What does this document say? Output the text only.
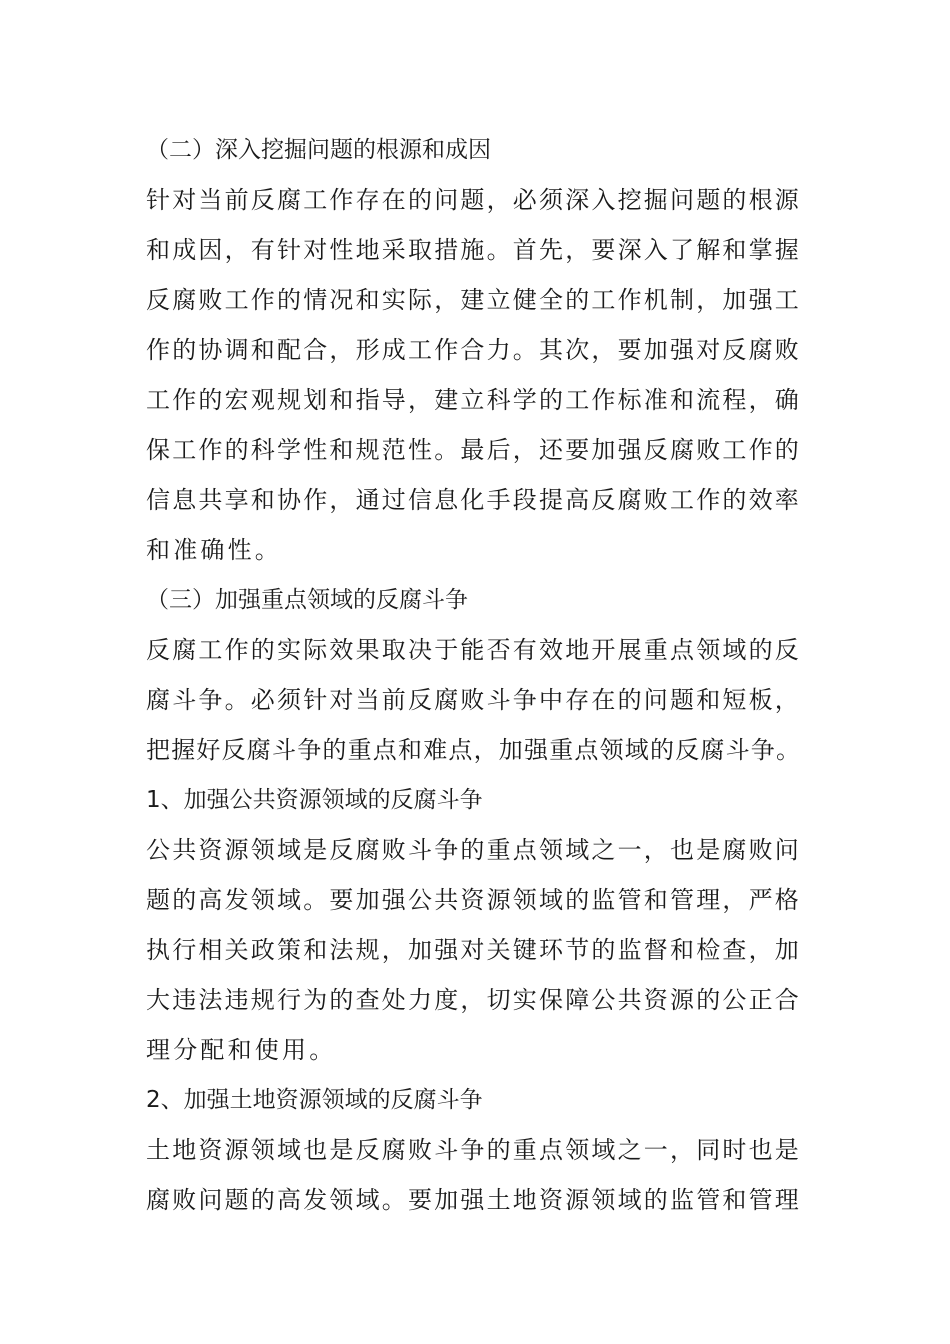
（二）深入挖掘问题的根源和成因
针对当前反腐工作存在的问题，必须深入挖掘问题的根源
和成因，有针对性地采取措施。首先，要深入了解和掌握
反腐败工作的情况和实际，建立健全的工作机制，加强工
作的协调和配合，形成工作合力。其次，要加强对反腐败
工作的宏观规划和指导，建立科学的工作标准和流程，确
保工作的科学性和规范性。最后，还要加强反腐败工作的
信息共享和协作，通过信息化手段提高反腐败工作的效率
和准确性。
（三）加强重点领域的反腐斗争
反腐工作的实际效果取决于能否有效地开展重点领域的反
腐斗争。必须针对当前反腐败斗争中存在的问题和短板，
把握好反腐斗争的重点和难点，加强重点领域的反腐斗争。
1、加强公共资源领域的反腐斗争
公共资源领域是反腐败斗争的重点领域之一，也是腐败问
题的高发领域。要加强公共资源领域的监管和管理，严格
执行相关政策和法规，加强对关键环节的监督和检查，加
大违法违规行为的查处力度，切实保障公共资源的公正合
理分配和使用。
2、加强土地资源领域的反腐斗争
土地资源领域也是反腐败斗争的重点领域之一，同时也是
腐败问题的高发领域。要加强土地资源领域的监管和管理
